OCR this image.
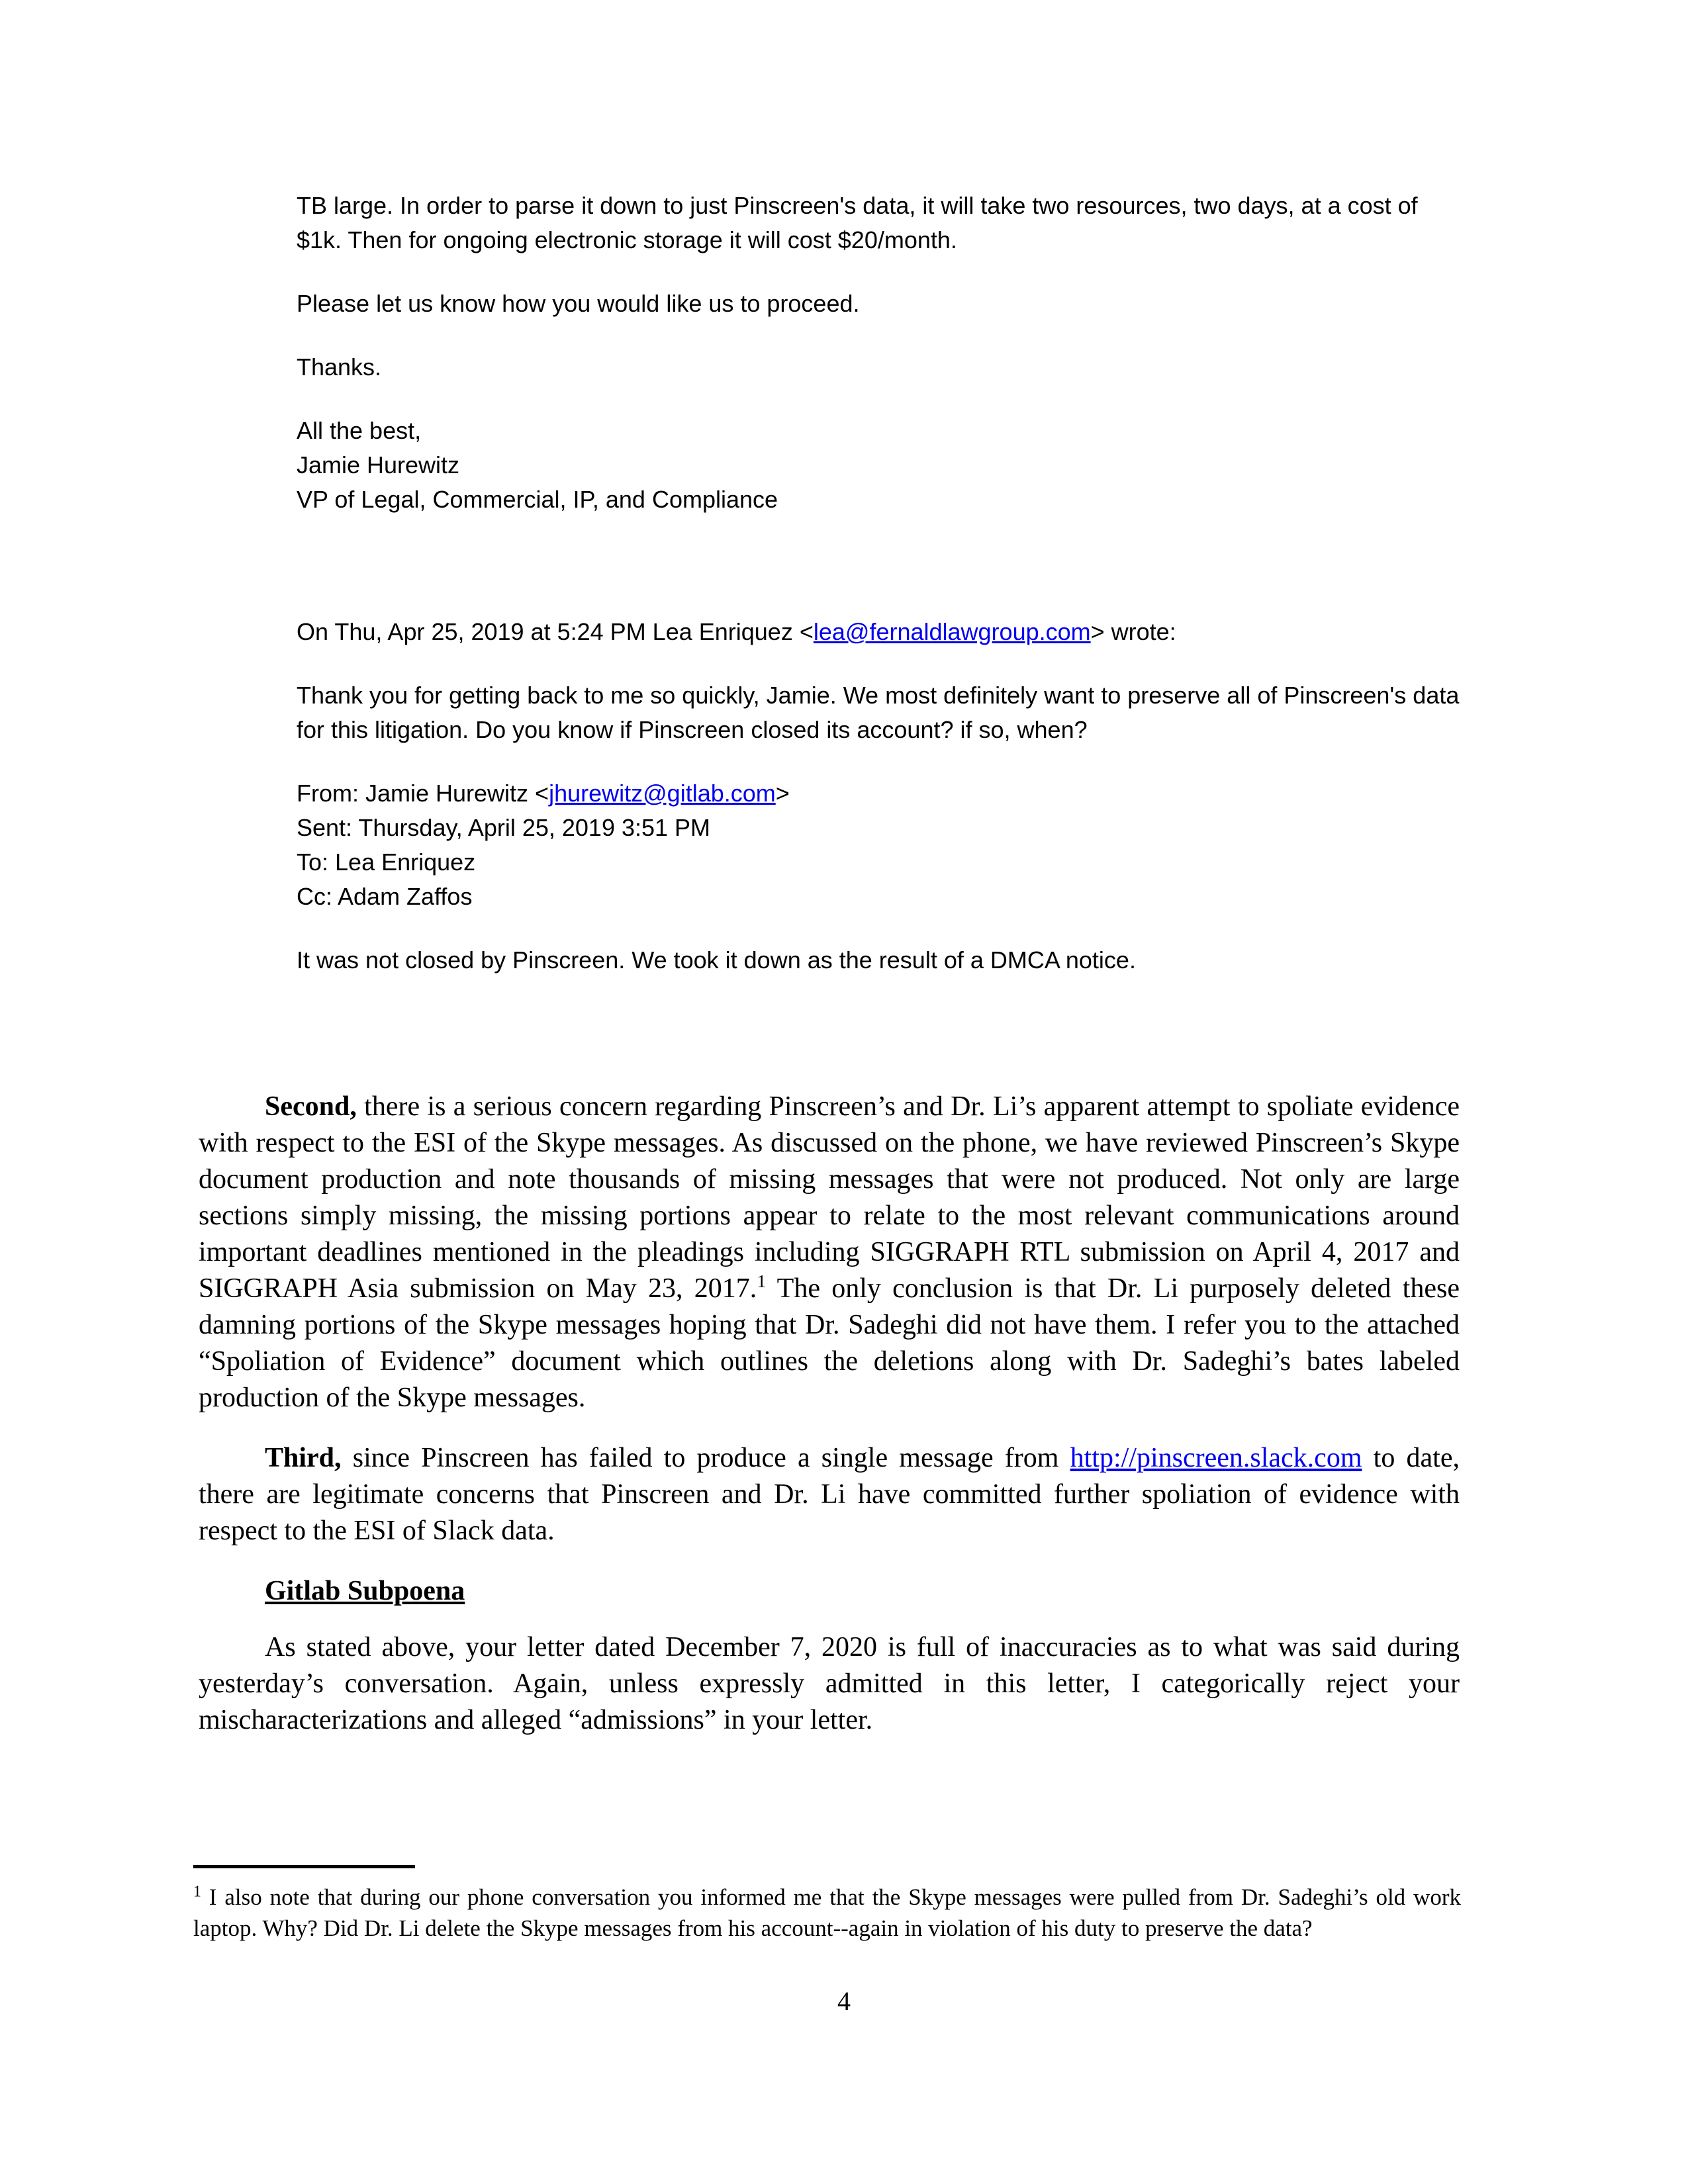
TB large. In order to parse it down to just Pinscreen's data, it will take two resources, two days, at a cost of $1k. Then for ongoing electronic storage it will cost $20/month.

Please let us know how you would like us to proceed.

Thanks.

All the best,

Jamie Hurewitz

VP of Legal, Commercial, IP, and Compliance

On Thu, Apr 25, 2019 at 5:24 PM Lea Enriquez <lea@fernaldlawgroup.com> wrote:

Thank you for getting back to me so quickly, Jamie. We most definitely want to preserve all of Pinscreen's data for this litigation. Do you know if Pinscreen closed its account? if so, when?

From: Jamie Hurewitz <jhurewitz@gitlab.com>

Sent: Thursday, April 25, 2019 3:51 PM

To: Lea Enriquez

Cc: Adam Zaffos

It was not closed by Pinscreen. We took it down as the result of a DMCA notice.

Second, there is a serious concern regarding Pinscreen’s and Dr. Li’s apparent attempt to spoliate evidence with respect to the ESI of the Skype messages. As discussed on the phone, we have reviewed Pinscreen’s Skype document production and note thousands of missing messages that were not produced. Not only are large sections simply missing, the missing portions appear to relate to the most relevant communications around important deadlines mentioned in the pleadings including SIGGRAPH RTL submission on April 4, 2017 and SIGGRAPH Asia submission on May 23, 2017.$^1$ The only conclusion is that Dr. Li purposely deleted these damning portions of the Skype messages hoping that Dr. Sadeghi did not have them. I refer you to the attached “Spoliation of Evidence” document which outlines the deletions along with Dr. Sadeghi’s bates labeled production of the Skype messages.

Third, since Pinscreen has failed to produce a single message from http://pinscreen.slack.com to date, there are legitimate concerns that Pinscreen and Dr. Li have committed further spoliation of evidence with respect to the ESI of Slack data.

Gitlab Subpoena

As stated above, your letter dated December 7, 2020 is full of inaccuracies as to what was said during yesterday’s conversation. Again, unless expressly admitted in this letter, I categorically reject your mischaracterizations and alleged “admissions” in your letter.

$^1$ I also note that during our phone conversation you informed me that the Skype messages were pulled from Dr. Sadeghi’s old work laptop. Why? Did Dr. Li delete the Skype messages from his account--again in violation of his duty to preserve the data?

4
